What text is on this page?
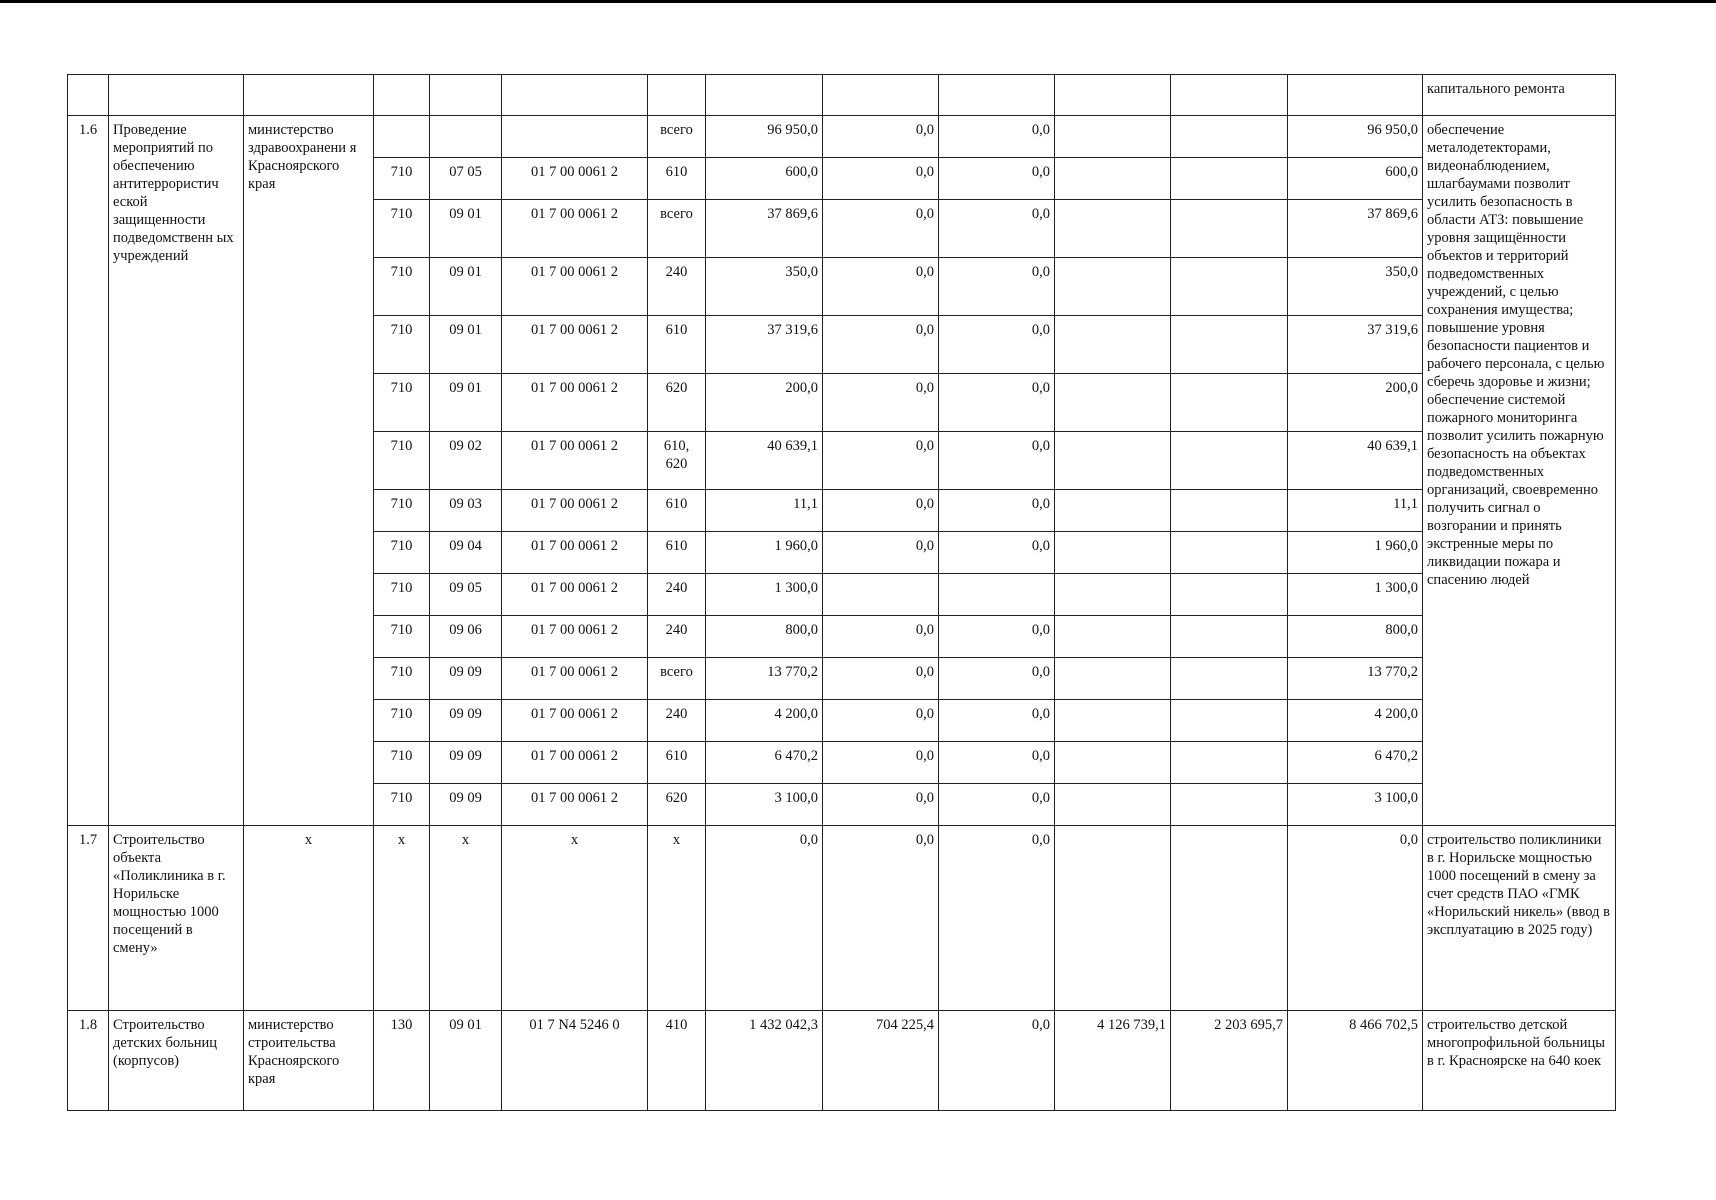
													капитального ремонта
1.6	Проведение мероприятий по обеспечению антитеррористич еской защищенности подведомственн ых учреждений	министерство здравоохранени я Красноярского края				всего	96 950,0	0,0	0,0			96 950,0	обеспечение металодетекторами, видеонаблюдением, шлагбаумами позволит усилить безопасность в области АТЗ: повышение уровня защищённости объектов и территорий подведомственных учреждений, с целью сохранения имущества; повышение уровня безопасности пациентов и рабочего персонала, с целью сберечь здоровье и жизни; обеспечение системой пожарного мониторинга позволит усилить пожарную безопасность на объектах подведомственных организаций, своевременно получить сигнал о возгорании и принять экстренные меры по ликвидации пожара и спасению людей
			710	07 05	01 7 00 0061 2	610	600,0	0,0	0,0			600,0	
			710	09 01	01 7 00 0061 2	всего	37 869,6	0,0	0,0			37 869,6	
			710	09 01	01 7 00 0061 2	240	350,0	0,0	0,0			350,0	
			710	09 01	01 7 00 0061 2	610	37 319,6	0,0	0,0			37 319,6	
			710	09 01	01 7 00 0061 2	620	200,0	0,0	0,0			200,0	
			710	09 02	01 7 00 0061 2	610, 620	40 639,1	0,0	0,0			40 639,1	
			710	09 03	01 7 00 0061 2	610	11,1	0,0	0,0			11,1	
			710	09 04	01 7 00 0061 2	610	1 960,0	0,0	0,0			1 960,0	
			710	09 05	01 7 00 0061 2	240	1 300,0					1 300,0	
			710	09 06	01 7 00 0061 2	240	800,0	0,0	0,0			800,0	
			710	09 09	01 7 00 0061 2	всего	13 770,2	0,0	0,0			13 770,2	
			710	09 09	01 7 00 0061 2	240	4 200,0	0,0	0,0			4 200,0	
			710	09 09	01 7 00 0061 2	610	6 470,2	0,0	0,0			6 470,2	
			710	09 09	01 7 00 0061 2	620	3 100,0	0,0	0,0			3 100,0	
1.7	Строительство объекта «Поликлиника в г. Норильске мощностью 1000 посещений в смену»	x	x	x	x	x	0,0	0,0	0,0			0,0	строительство поликлиники в г. Норильске мощностью 1000 посещений в смену за счет средств ПАО «ГМК «Норильский никель» (ввод в эксплуатацию в 2025 году)
1.8	Строительство детских больниц (корпусов)	министерство строительства Красноярского края	130	09 01	01 7 N4 5246 0	410	1 432 042,3	704 225,4	0,0	4 126 739,1	2 203 695,7	8 466 702,5	строительство детской многопрофильной больницы в г. Красноярске на 640 коек
